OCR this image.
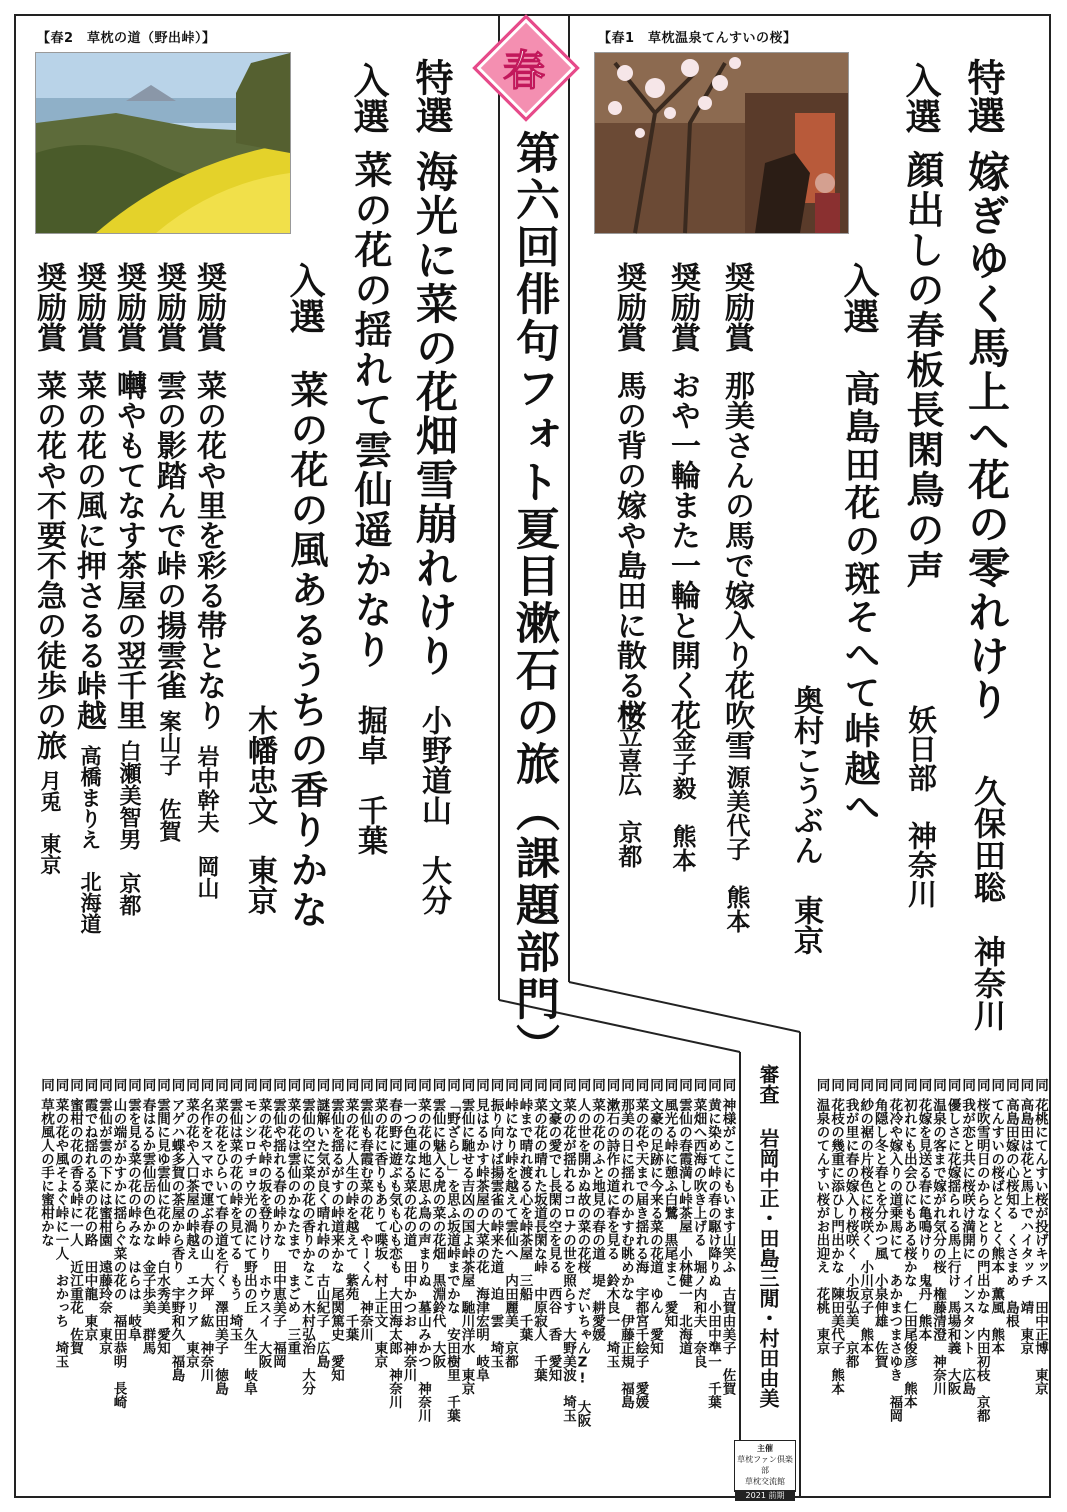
春
第六回俳句フォト夏目漱石の旅（課題部門）
【春1　草枕温泉てんすいの桜】
【春2　草枕の道（野出峠）】
特選
嫁ぎゆく馬上へ花の零れけり
久保田聡　神奈川
入選
顔出しの春板長閑鳥の声
妖日部　神奈川
入選
高島田花の斑そへて峠越へ
奥村こうぶん　東京
奨励賞
那美さんの馬で嫁入り花吹雪
源美代子　熊本
奨励賞
おや一輪また一輪と開く花
金子毅　熊本
奨励賞
馬の背の嫁や島田に散る桜
中立喜広　京都
特選
海光に菜の花畑雪崩れけり
小野道山　大分
入選
菜の花の揺れて雲仙遥かなり
掘卓　千葉
入選
菜の花の風あるうちの香りかな
木幡忠文　東京
奨励賞
菜の花や里を彩る帯となり
岩中幹夫　岡山
奨励賞
雲の影踏んで峠の揚雲雀
案山子　佐賀
奨励賞
囀やもてなす茶屋の翌千里
白瀬美智男　京都
奨励賞
菜の花の風に押さるる峠越
高橋まりえ　北海道
奨励賞
菜の花や不要不急の徒歩の旅
月兎　東京
審査
岩岡中正・田島三閒・村田由美
同
花桃にてんすい桜が投げキッス　田中正博　東京
同
高島田は花と馬上でハイタッチ　靖　東京
同
高島田嫁の心桜知る　くさまめ　島根
同
てんすいの桜ばとくとく熊本　薫風　熊本
同
桜吹雪明日のからなとりの門出かな　内田初枝　京都
同
我が恋と共に桜咲け満開に　インスタント　広島
同
優しさに花嫁揺られる馬上行け　馬場和義　大阪
同
温泉の客まで嫁がれ気分の桜　権藤清澄　神奈川
同
花嫁を見送る春に亀鳴けり　鬼丹　熊本
同
初れにも出会ひにもある桜かな　仁田尾俊彦　熊本
同
花冷や嫁入りの道乗馬にて　あかまつまさゆき　福岡
同
角隠し冬と春とを分かつ風　小泉伸雄　佐賀
同
紗の裾の片桜色に桜咲く　小川京子　熊本
同
我が里に春の嫁入り桜咲く　小坂弘美　京都
同
花枝の幾重に添ひし門出かな　陳田美代子　熊本
同
温泉のてんすい桜がお出迎え　花桃　東京
同
神様がここにもいます山笑ふ　古賀由美子　佐賀
同
黄に染めて峠の春の駆け降りぬ　小田中準一　千葉
同
菜畑へ西海の吹き上げる　堀ノ内和夫　奈良
同
雲仙の春霞満し峠茶屋　小林健一　北海道
同
風光る峠に憩ふ白鷺　黒尾まこ　愛知
同
文豪の足跡に今来る菜の花道　ゆん　愛知
同
菜の花や天まで届き揺れる海　宇都宮千絵子　愛媛
同
那美の日に揺れのかすむ眺めかな　伊藤正規　福島
同
漱石の詩作の道に春を見る　鈴木良一　埼玉
同
菜の花のふと地見の春の道　堤　耕愛媛
同
人の世を開かぬ故の菜の花桜　だいちゃんZ!　大阪
同
菜の花が揺れるコロナの世を照らす　大野美波　埼玉
同
文豪の愛でし長閑の空を見る　西谷　香　愛知
同
菜の花の晴れた坂道長閑な峠　中原寂人　千葉
同
峠まで晴れ渡る心を峠茶屋　三船　千葉
同
峠になり峠を越えて雲仙へ　内田麗美　京都
同
振り向けば揚雲雀の峠来た道　迫　雲　埼玉
同
見はるかす峠茶屋の大菜の花　海津宏明　岐阜
同
雲仙に馳せる吉凶の国よ峠茶屋　馳川洋水　東京
同
「野ざらし」を思ふ坂道峠までかな　安田樹里　千葉
同
雲仙に魅入る虎の菜の花畑　黒淵鈴代　大阪
同
菜の花の地に思ふ鳥の声まりぬ　墓山みかつ　神奈川
同
一つ色連なる菜の花の道　田中かつお　神奈川
同
春の野に遊ぶも気も心も恋も　大田海太郎　神奈川
同
菜の花に香りもありて喋坂　村上正文　東京
同
雲仙も春霞む菜の花　やーくん　神奈川
同
菜の花に人生の峠を越えて　紫苑　千葉
同
雲仙を揺るがすの峠道来かな　尾関篤史　愛知
同
謎解いた気が良く晴れ峠の　古山紀子　広島
同
雲仙の空に菜の花の香りかなこ　木村弘治　大分
同
菜の花は雲仙のかなたまで　まごめ　三重
同
雲仙や揺れる春の峠かな　田中恵美子　福岡
同
菜の花や峠の坂を登りけり　ホウスイ　大阪
同
モンシロチョウ光の渦にて野出の丘　久生　岐阜
同
雲仙は菜の花の峠を見てる　もう　埼玉
同
菜の花をひらいて春の道を行く　澤田美子　徳島
同
名作をスマホで運ぶ春の山　大坪　紘　神奈川
同
菜の花や入口茶屋の峠越え　エクリア　東京
同
アゲハ蝶多賀の茶屋から香り　宇野和久　福島
同
雲間に見ゆ雲仙に花の峠　白水秀美　愛知
同
春はるか雲仙岳の色かな　金子歩美　群馬
同
雲を見る菜の花の峠みな　はらは　岐阜
同
山の端がかすかに揺らぐ菜の花の　福田恭明　長崎
同
雲仙が雲の下には蜜柑園　遠藤玲奈　東京
同
霞でね揺れる菜の花の路　田中龍　東京
同
蜜柑の花の香る峠に一人　近江重花　佐賀
同
菜の花や風そよぐ峠に一人　おかっち　埼玉
同
草枕風人の手に蜜柑かな
主催
草枕ファン倶楽部
草枕交流館
2021 前期
